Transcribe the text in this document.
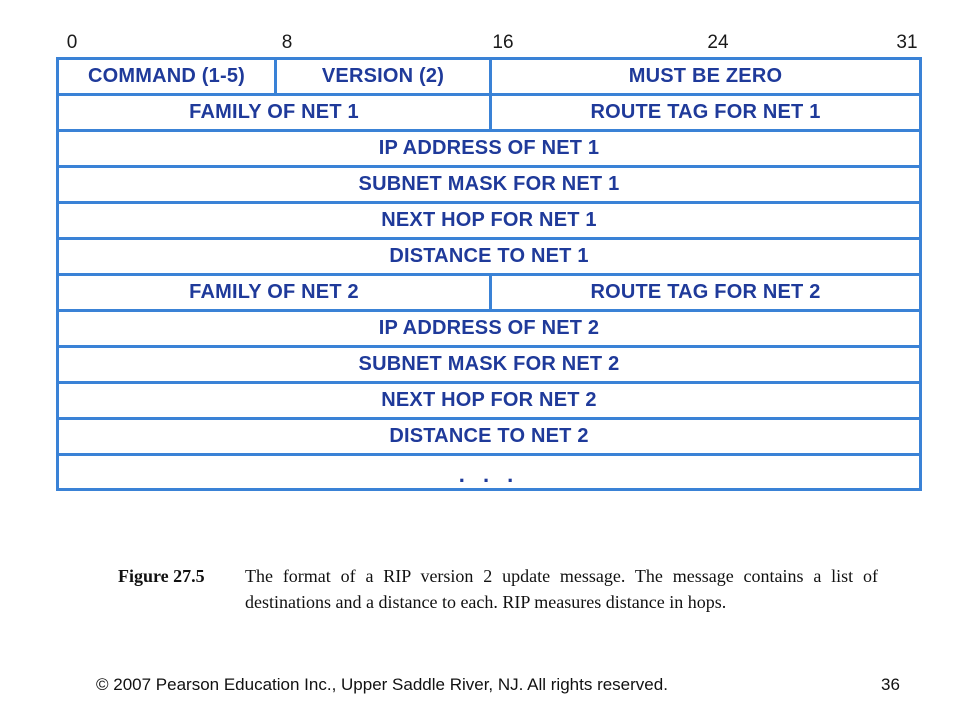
0	8	16	24	31
COMMAND (1-5)	VERSION (2)	MUST BE ZERO
FAMILY OF NET 1	ROUTE TAG FOR NET 1
IP ADDRESS OF NET 1
SUBNET MASK FOR NET 1
NEXT HOP FOR NET 1
DISTANCE TO NET 1
FAMILY OF NET 2	ROUTE TAG FOR NET 2
IP ADDRESS OF NET 2
SUBNET MASK FOR NET 2
NEXT HOP FOR NET 2
DISTANCE TO NET 2
. . .
Figure 27.5	The format of a RIP version 2 update message. The message contains a list of destinations and a distance to each. RIP measures distance in hops.
© 2007 Pearson Education Inc., Upper Saddle River, NJ. All rights reserved.	36
